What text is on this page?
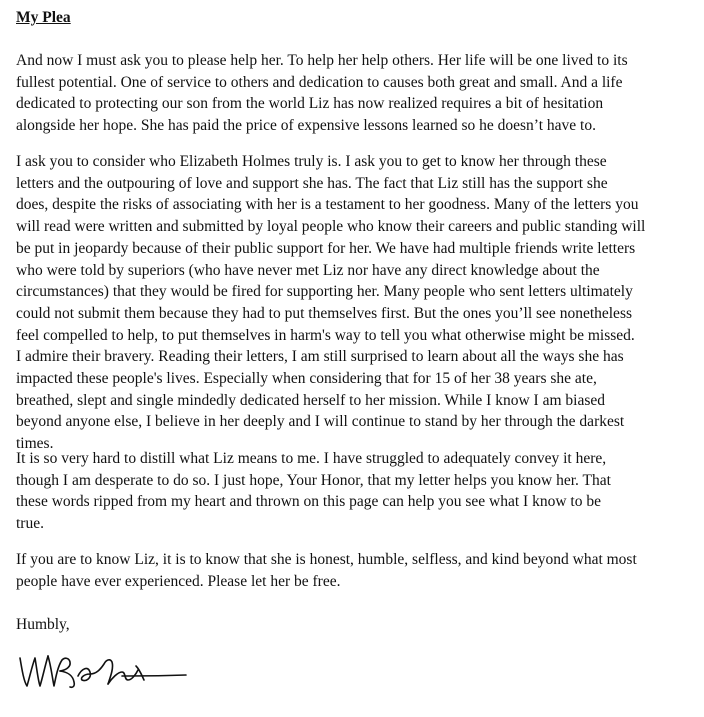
My Plea

And now I must ask you to please help her. To help her help others. Her life will be one lived to its
fullest potential. One of service to others and dedication to causes both great and small. And a life
dedicated to protecting our son from the world Liz has now realized requires a bit of hesitation
alongside her hope. She has paid the price of expensive lessons learned so he doesn’t have to.

I ask you to consider who Elizabeth Holmes truly is. I ask you to get to know her through these
letters and the outpouring of love and support she has. The fact that Liz still has the support she
does, despite the risks of associating with her is a testament to her goodness. Many of the letters you
will read were written and submitted by loyal people who know their careers and public standing will
be put in jeopardy because of their public support for her. We have had multiple friends write letters
who were told by superiors (who have never met Liz nor have any direct knowledge about the
circumstances) that they would be fired for supporting her. Many people who sent letters ultimately
could not submit them because they had to put themselves first. But the ones you’ll see nonetheless
feel compelled to help, to put themselves in harm's way to tell you what otherwise might be missed.
I admire their bravery. Reading their letters, I am still surprised to learn about all the ways she has
impacted these people's lives. Especially when considering that for 15 of her 38 years she ate,
breathed, slept and single mindedly dedicated herself to her mission. While I know I am biased
beyond anyone else, I believe in her deeply and I will continue to stand by her through the darkest
times.

It is so very hard to distill what Liz means to me. I have struggled to adequately convey it here,
though I am desperate to do so. I just hope, Your Honor, that my letter helps you know her. That
these words ripped from my heart and thrown on this page can help you see what I know to be
true.

If you are to know Liz, it is to know that she is honest, humble, selfless, and kind beyond what most
people have ever experienced. Please let her be free.

Humbly,
